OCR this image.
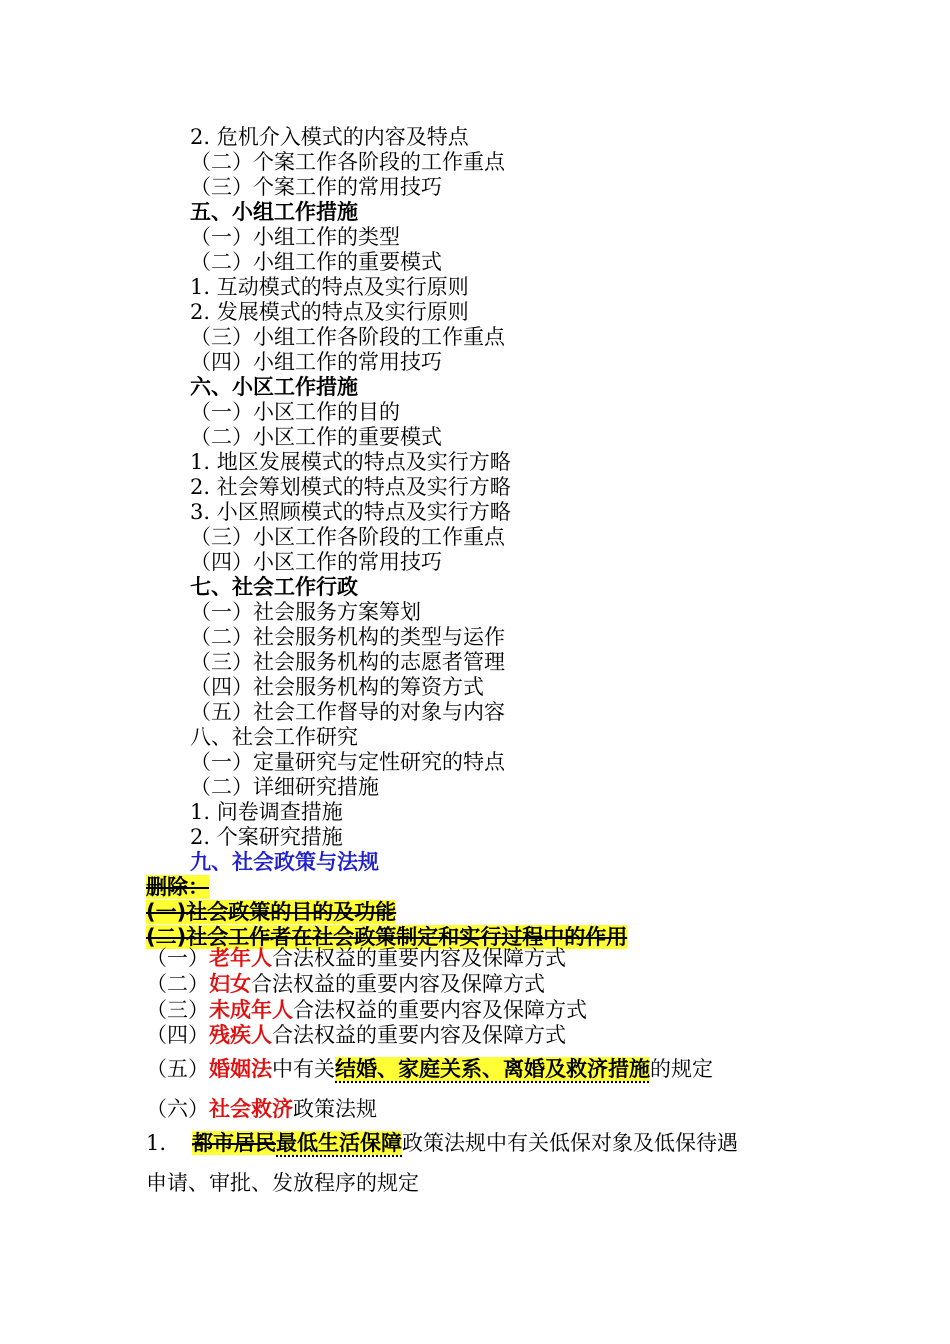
2. 危机介入模式的内容及特点
（二）个案工作各阶段的工作重点
（三）个案工作的常用技巧
五、小组工作措施
（一）小组工作的类型
（二）小组工作的重要模式
1. 互动模式的特点及实行原则
2. 发展模式的特点及实行原则
（三）小组工作各阶段的工作重点
（四）小组工作的常用技巧
六、小区工作措施
（一）小区工作的目的
（二）小区工作的重要模式
1. 地区发展模式的特点及实行方略
2. 社会筹划模式的特点及实行方略
3. 小区照顾模式的特点及实行方略
（三）小区工作各阶段的工作重点
（四）小区工作的常用技巧
七、社会工作行政
（一）社会服务方案筹划
（二）社会服务机构的类型与运作
（三）社会服务机构的志愿者管理
（四）社会服务机构的筹资方式
（五）社会工作督导的对象与内容
八、社会工作研究
（一）定量研究与定性研究的特点
（二）详细研究措施
1. 问卷调查措施
2. 个案研究措施
九、社会政策与法规
删除：
(一)社会政策的目的及功能
(二)社会工作者在社会政策制定和实行过程中的作用
（一）老年人合法权益的重要内容及保障方式
（二）妇女合法权益的重要内容及保障方式
（三）未成年人合法权益的重要内容及保障方式
（四）残疾人合法权益的重要内容及保障方式
（五）婚姻法中有关结婚、家庭关系、离婚及救济措施的规定
（六）社会救济政策法规
1. 都市居民最低生活保障政策法规中有关低保对象及低保待遇
申请、审批、发放程序的规定
